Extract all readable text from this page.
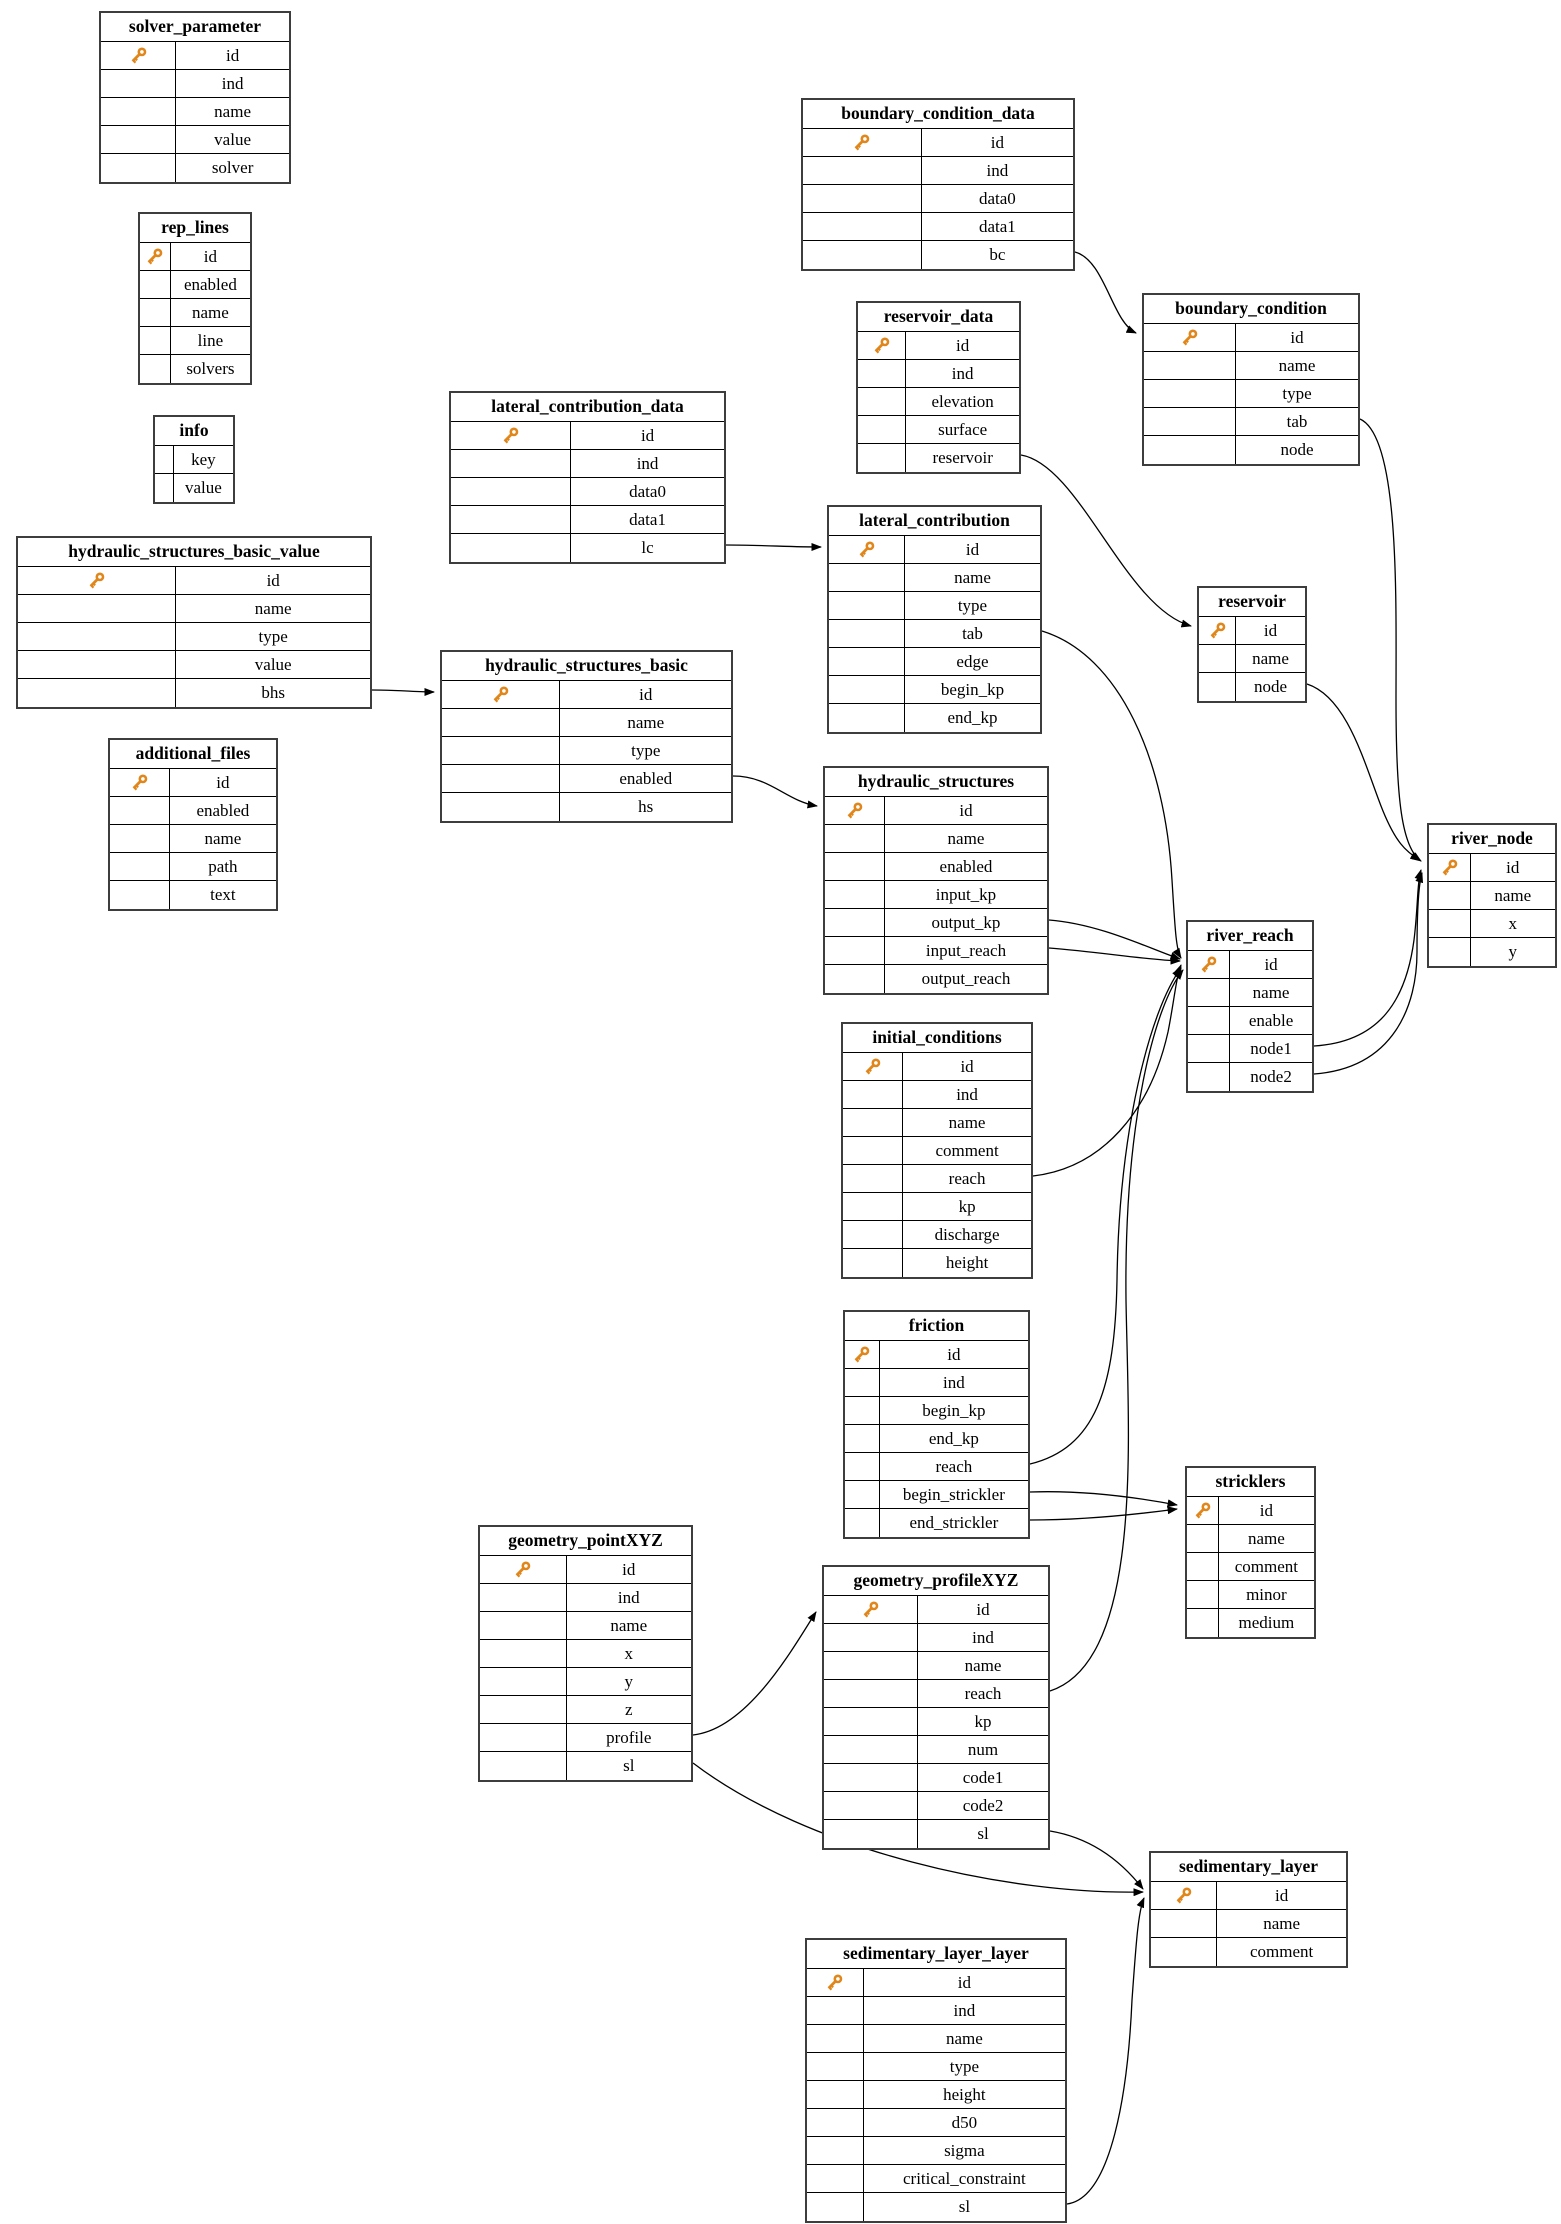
solver_parameter
id
ind
name
value
solver
rep_lines
id
enabled
name
line
solvers
info
key
value
hydraulic_structures_basic_value
id
name
type
value
bhs
additional_files
id
enabled
name
path
text
lateral_contribution_data
id
ind
data0
data1
lc
hydraulic_structures_basic
id
name
type
enabled
hs
boundary_condition_data
id
ind
data0
data1
bc
reservoir_data
id
ind
elevation
surface
reservoir
lateral_contribution
id
name
type
tab
edge
begin_kp
end_kp
hydraulic_structures
id
name
enabled
input_kp
output_kp
input_reach
output_reach
initial_conditions
id
ind
name
comment
reach
kp
discharge
height
friction
id
ind
begin_kp
end_kp
reach
begin_strickler
end_strickler
geometry_pointXYZ
id
ind
name
x
y
z
profile
sl
geometry_profileXYZ
id
ind
name
reach
kp
num
code1
code2
sl
boundary_condition
id
name
type
tab
node
reservoir
id
name
node
river_reach
id
name
enable
node1
node2
river_node
id
name
x
y
stricklers
id
name
comment
minor
medium
sedimentary_layer
id
name
comment
sedimentary_layer_layer
id
ind
name
type
height
d50
sigma
critical_constraint
sl
